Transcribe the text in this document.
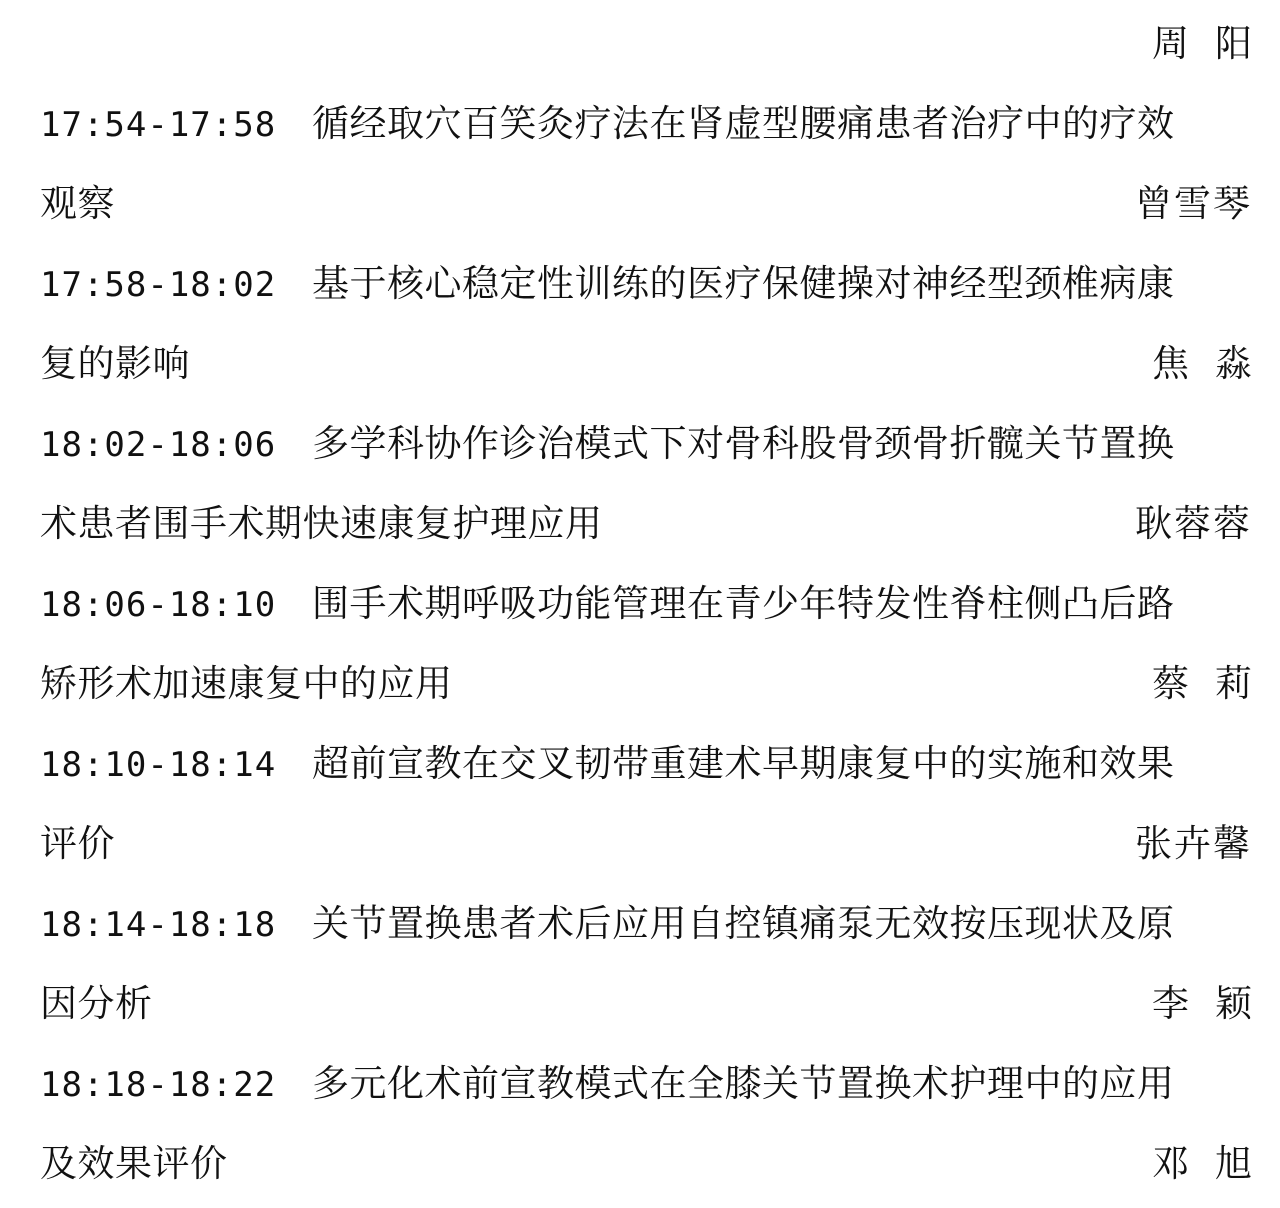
周阳
17:54-17:58 循经取穴百笑灸疗法在肾虚型腰痛患者治疗中的疗效
观察	曾雪琴
17:58-18:02 基于核心稳定性训练的医疗保健操对神经型颈椎病康
复的影响	焦淼
18:02-18:06 多学科协作诊治模式下对骨科股骨颈骨折髋关节置换
术患者围手术期快速康复护理应用	耿蓉蓉
18:06-18:10 围手术期呼吸功能管理在青少年特发性脊柱侧凸后路
矫形术加速康复中的应用	蔡莉
18:10-18:14 超前宣教在交叉韧带重建术早期康复中的实施和效果
评价	张卉馨
18:14-18:18 关节置换患者术后应用自控镇痛泵无效按压现状及原
因分析	李颖
18:18-18:22 多元化术前宣教模式在全膝关节置换术护理中的应用
及效果评价	邓旭
